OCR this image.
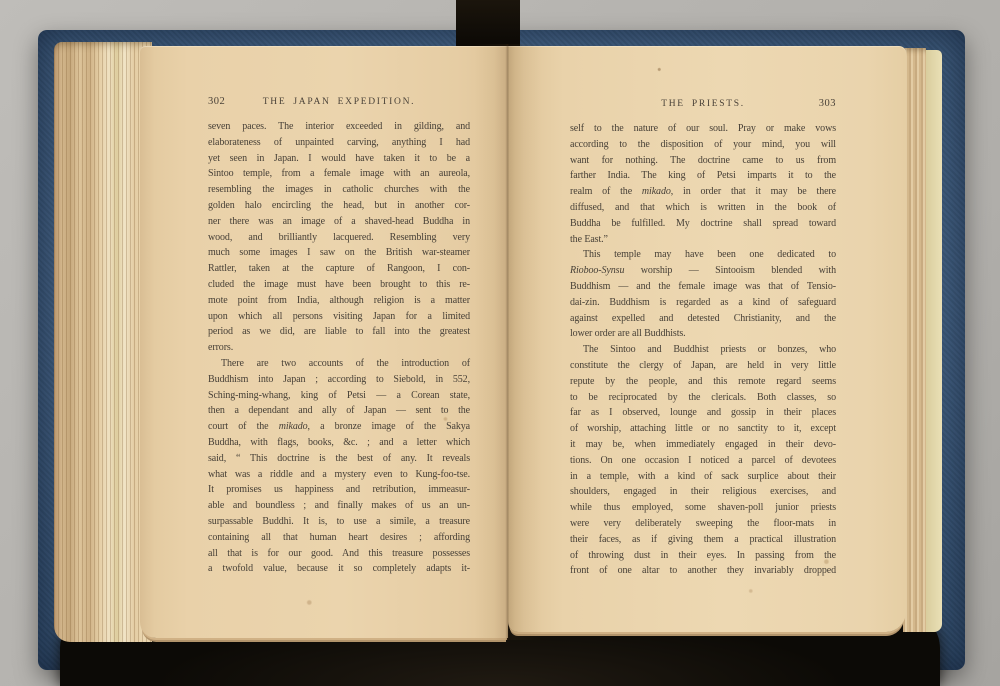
302	THE JAPAN EXPEDITION.
seven paces. The interior exceeded in gilding, and
elaborateness of unpainted carving, anything I had
yet seen in Japan. I would have taken it to be a
Sintoo temple, from a female image with an aureola,
resembling the images in catholic churches with the
golden halo encircling the head, but in another cor-
ner there was an image of a shaved-head Buddha in
wood, and brilliantly lacquered. Resembling very
much some images I saw on the British war-steamer
Rattler, taken at the capture of Rangoon, I con-
cluded the image must have been brought to this re-
mote point from India, although religion is a matter
upon which all persons visiting Japan for a limited
period as we did, are liable to fall into the greatest
errors.
There are two accounts of the introduction of
Buddhism into Japan ; according to Siebold, in 552,
Sching-ming-whang, king of Petsi — a Corean state,
then a dependant and ally of Japan — sent to the
court of the mikado, a bronze image of the Sakya
Buddha, with flags, books, &c. ; and a letter which
said, “ This doctrine is the best of any. It reveals
what was a riddle and a mystery even to Kung-foo-tse.
It promises us happiness and retribution, immeasur-
able and boundless ; and finally makes of us an un-
surpassable Buddhi. It is, to use a simile, a treasure
containing all that human heart desires ; affording
all that is for our good. And this treasure possesses
a twofold value, because it so completely adapts it-
THE PRIESTS.	303
self to the nature of our soul. Pray or make vows
according to the disposition of your mind, you will
want for nothing. The doctrine came to us from
farther India. The king of Petsi imparts it to the
realm of the mikado, in order that it may be there
diffused, and that which is written in the book of
Buddha be fulfilled. My doctrine shall spread toward
the East.”
This temple may have been one dedicated to
Rioboo-Synsu worship — Sintooism blended with
Buddhism — and the female image was that of Tensio-
dai-zin. Buddhism is regarded as a kind of safeguard
against expelled and detested Christianity, and the
lower order are all Buddhists.
The Sintoo and Buddhist priests or bonzes, who
constitute the clergy of Japan, are held in very little
repute by the people, and this remote regard seems
to be reciprocated by the clericals. Both classes, so
far as I observed, lounge and gossip in their places
of worship, attaching little or no sanctity to it, except
it may be, when immediately engaged in their devo-
tions. On one occasion I noticed a parcel of devotees
in a temple, with a kind of sack surplice about their
shoulders, engaged in their religious exercises, and
while thus employed, some shaven-poll junior priests
were very deliberately sweeping the floor-mats in
their faces, as if giving them a practical illustration
of throwing dust in their eyes. In passing from the
front of one altar to another they invariably dropped
